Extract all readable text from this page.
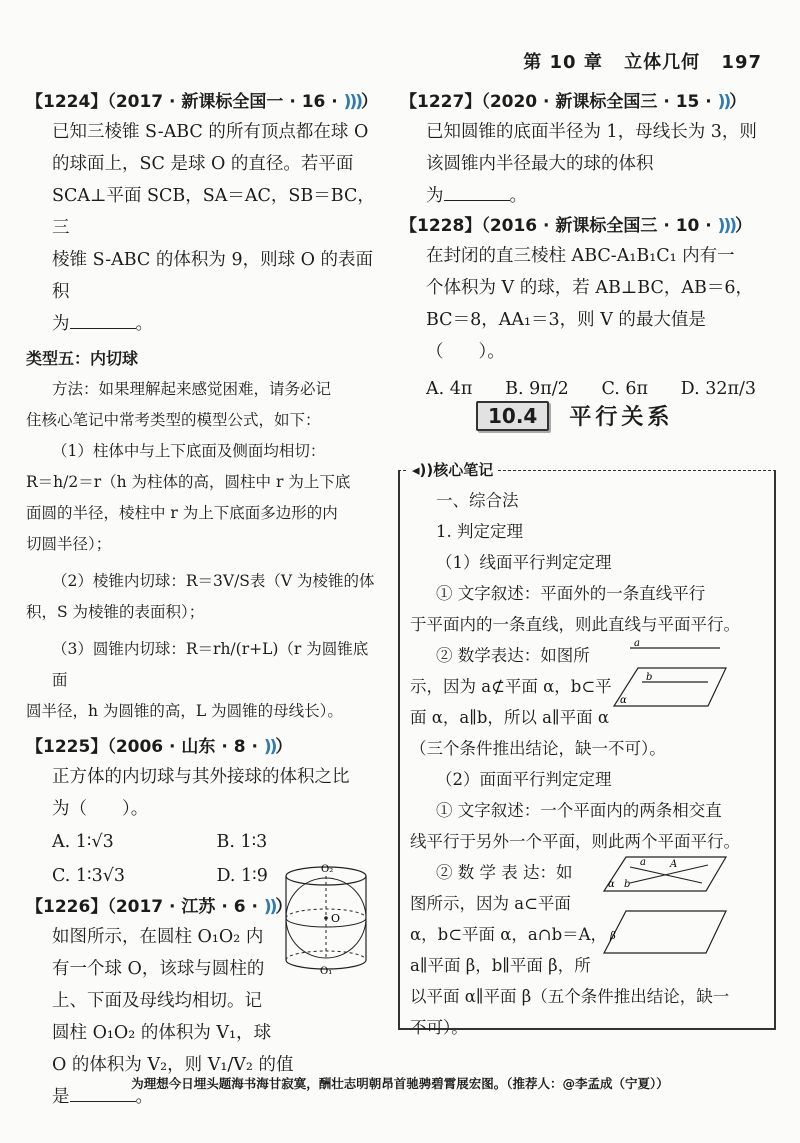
第 10 章 立体几何 197

【1224】（2017 · 新课标全国一 · 16 · )))）

已知三棱锥 S-ABC 的所有顶点都在球 O

的球面上，SC 是球 O 的直径。若平面

SCA⊥平面 SCB，SA＝AC，SB＝BC，三

棱锥 S-ABC 的体积为 9，则球 O 的表面积

为	。

类型五：内切球

方法：如果理解起来感觉困难，请务必记

住核心笔记中常考类型的模型公式，如下：

（1）柱体中与上下底面及侧面均相切：

R＝h/2＝r（h 为柱体的高，圆柱中 r 为上下底

面圆的半径，棱柱中 r 为上下底面多边形的内

切圆半径）；

（2）棱锥内切球：R＝3V/S表（V 为棱锥的体

积，S 为棱锥的表面积）；

（3）圆锥内切球：R＝rh/(r+L)（r 为圆锥底面

圆半径，h 为圆锥的高，L 为圆锥的母线长）。

【1225】（2006 · 山东 · 8 · ))）

正方体的内切球与其外接球的体积之比

为（　　）。

A. 1∶√3	B. 1∶3
C. 1∶3√3	D. 1∶9

【1226】（2017 · 江苏 · 6 · ))）

如图所示，在圆柱 O₁O₂ 内

有一个球 O，该球与圆柱的

上、下面及母线均相切。记

圆柱 O₁O₂ 的体积为 V₁，球

O 的体积为 V₂，则 V₁/V₂ 的值

是	。

O₂
O
O₁

【1227】（2020 · 新课标全国三 · 15 · ))）

已知圆锥的底面半径为 1，母线长为 3，则

该圆锥内半径最大的球的体积

为	。

【1228】（2016 · 新课标全国三 · 10 · )))）

在封闭的直三棱柱 ABC-A₁B₁C₁ 内有一

个体积为 V 的球，若 AB⊥BC，AB＝6，

BC＝8，AA₁＝3，则 V 的最大值是（　　）。

A. 4π B. 9π/2 C. 6π D. 32π/3
10.4	平行关系
◂))核心笔记

一、综合法

1. 判定定理

（1）线面平行判定定理

① 文字叙述：平面外的一条直线平行

于平面内的一条直线，则此直线与平面平行。

② 数学表达：如图所

示，因为 a⊄平面 α，b⊂平

面 α，a∥b，所以 a∥平面 α

（三个条件推出结论，缺一不可）。

（2）面面平行判定定理

① 文字叙述：一个平面内的两条相交直

线平行于另外一个平面，则此两个平面平行。

② 数 学 表 达：如

图所示，因为 a⊂平面

α，b⊂平面 α，a∩b＝A，

a∥平面 β，b∥平面 β，所

以平面 α∥平面 β（五个条件推出结论，缺一

不可）。

a
b
α
a A
b
α
β
为理想今日埋头题海书海甘寂寞，酬壮志明朝昂首驰骋碧霄展宏图。（推荐人：@李孟成（宁夏））
